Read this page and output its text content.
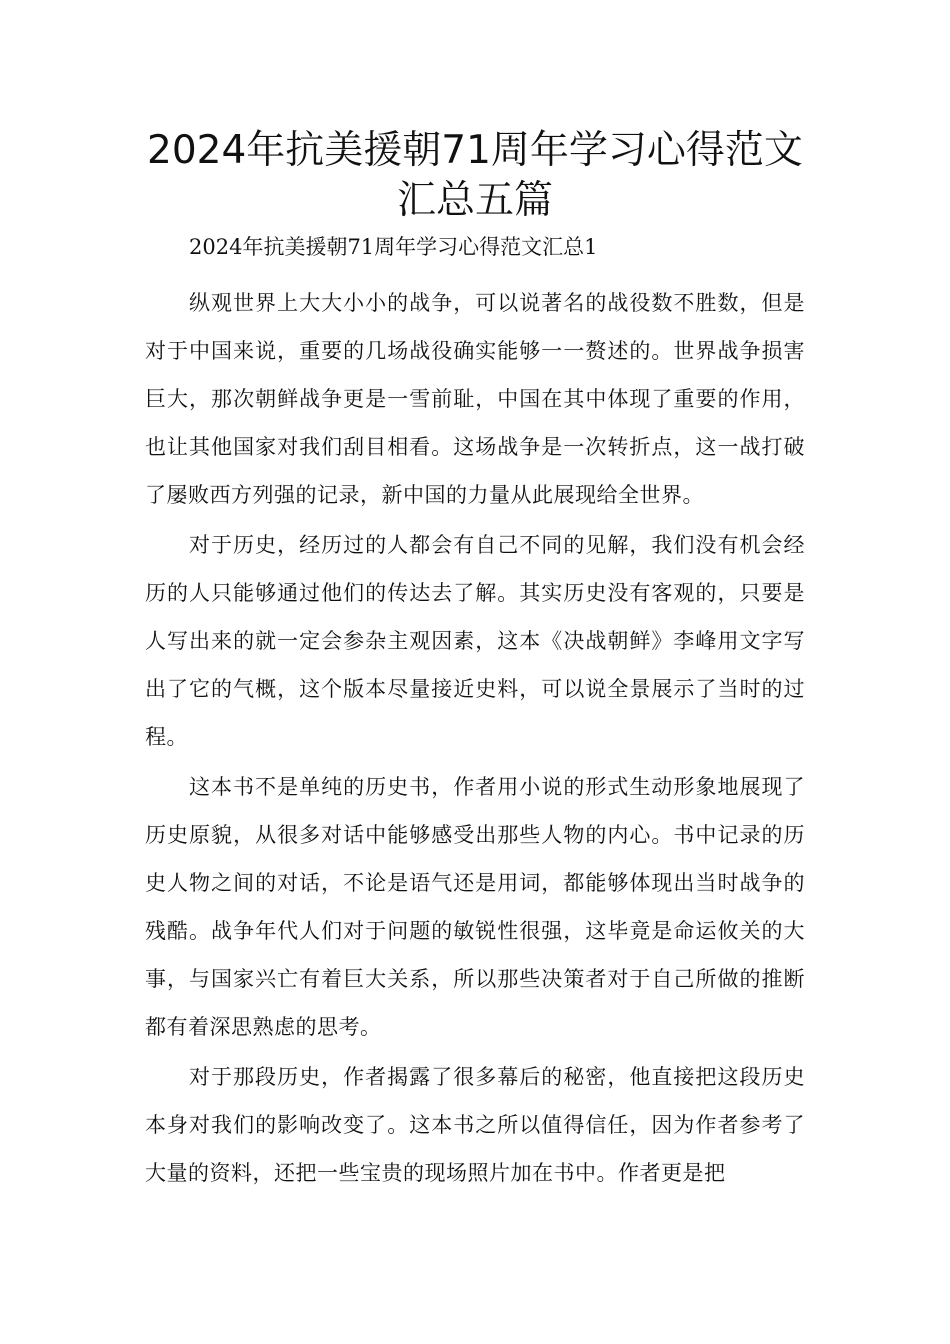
2024年抗美援朝71周年学习心得范文
汇总五篇

2024年抗美援朝71周年学习心得范文汇总1

纵观世界上大大小小的战争，可以说著名的战役数不胜数，但是对于中国来说，重要的几场战役确实能够一一赘述的。世界战争损害巨大，那次朝鲜战争更是一雪前耻，中国在其中体现了重要的作用，也让其他国家对我们刮目相看。这场战争是一次转折点，这一战打破了屡败西方列强的记录，新中国的力量从此展现给全世界。

对于历史，经历过的人都会有自己不同的见解，我们没有机会经历的人只能够通过他们的传达去了解。其实历史没有客观的，只要是人写出来的就一定会参杂主观因素，这本《决战朝鲜》李峰用文字写出了它的气概，这个版本尽量接近史料，可以说全景展示了当时的过程。

这本书不是单纯的历史书，作者用小说的形式生动形象地展现了历史原貌，从很多对话中能够感受出那些人物的内心。书中记录的历史人物之间的对话，不论是语气还是用词，都能够体现出当时战争的残酷。战争年代人们对于问题的敏锐性很强，这毕竟是命运攸关的大事，与国家兴亡有着巨大关系，所以那些决策者对于自己所做的推断都有着深思熟虑的思考。

对于那段历史，作者揭露了很多幕后的秘密，他直接把这段历史本身对我们的影响改变了。这本书之所以值得信任，因为作者参考了大量的资料，还把一些宝贵的现场照片加在书中。作者更是把
